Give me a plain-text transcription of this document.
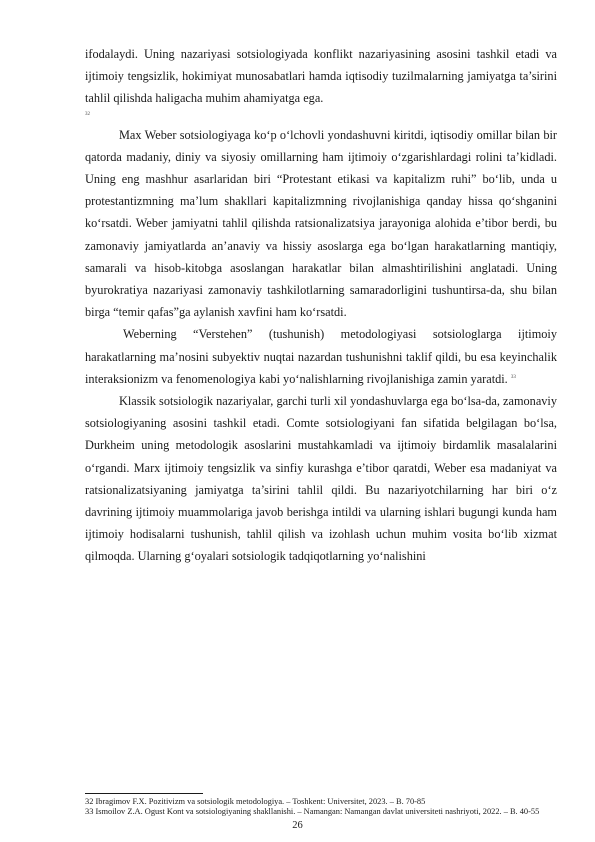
ifodalaydi. Uning nazariyasi sotsiologiyada konflikt nazariyasining asosini tashkil etadi va ijtimoiy tengsizlik, hokimiyat munosabatlari hamda iqtisodiy tuzilmalarning jamiyatga ta’sirini tahlil qilishda haligacha muhim ahamiyatga ega.
32

Max Weber sotsiologiyaga ko‘p o‘lchovli yondashuvni kiritdi, iqtisodiy omillar bilan bir qatorda madaniy, diniy va siyosiy omillarning ham ijtimoiy o‘zgarishlardagi rolini ta’kidladi. Uning eng mashhur asarlaridan biri “Protestant etikasi va kapitalizm ruhi” bo‘lib, unda u protestantizmning ma’lum shakllari kapitalizmning rivojlanishiga qanday hissa qo‘shganini ko‘rsatdi. Weber jamiyatni tahlil qilishda ratsionalizatsiya jarayoniga alohida e’tibor berdi, bu zamonaviy jamiyatlarda an’anaviy va hissiy asoslarga ega bo‘lgan harakatlarning mantiqiy, samarali va hisob-kitobga asoslangan harakatlar bilan almashtirilishini anglatadi. Uning byurokratiya nazariyasi zamonaviy tashkilotlarning samaradorligini tushuntirsa-da, shu bilan birga “temir qafas”ga aylanish xavfini ham ko‘rsatdi.

Weberning “Verstehen” (tushunish) metodologiyasi sotsiologlarga ijtimoiy harakatlarning ma’nosini subyektiv nuqtai nazardan tushunishni taklif qildi, bu esa keyinchalik interaksionizm va fenomenologiya kabi yo‘nalishlarning rivojlanishiga zamin yaratdi. $^{33}$

Klassik sotsiologik nazariyalar, garchi turli xil yondashuvlarga ega bo‘lsa-da, zamonaviy sotsiologiyaning asosini tashkil etadi. Comte sotsiologiyani fan sifatida belgilagan bo‘lsa, Durkheim uning metodologik asoslarini mustahkamladi va ijtimoiy birdamlik masalalarini o‘rgandi. Marx ijtimoiy tengsizlik va sinfiy kurashga e’tibor qaratdi, Weber esa madaniyat va ratsionalizatsiyaning jamiyatga ta’sirini tahlil qildi. Bu nazariyotchilarning har biri o‘z davrining ijtimoiy muammolariga javob berishga intildi va ularning ishlari bugungi kunda ham ijtimoiy hodisalarni tushunish, tahlil qilish va izohlash uchun muhim vosita bo‘lib xizmat qilmoqda. Ularning g‘oyalari sotsiologik tadqiqotlarning yo‘nalishini

32 Ibragimov F.X. Pozitivizm va sotsiologik metodologiya. – Toshkent: Universitet, 2023. – B. 70-85
33 Ismoilov Z.A. Ogust Kont va sotsiologiyaning shakllanishi. – Namangan: Namangan davlat universiteti nashriyoti, 2022. – B. 40-55
26
